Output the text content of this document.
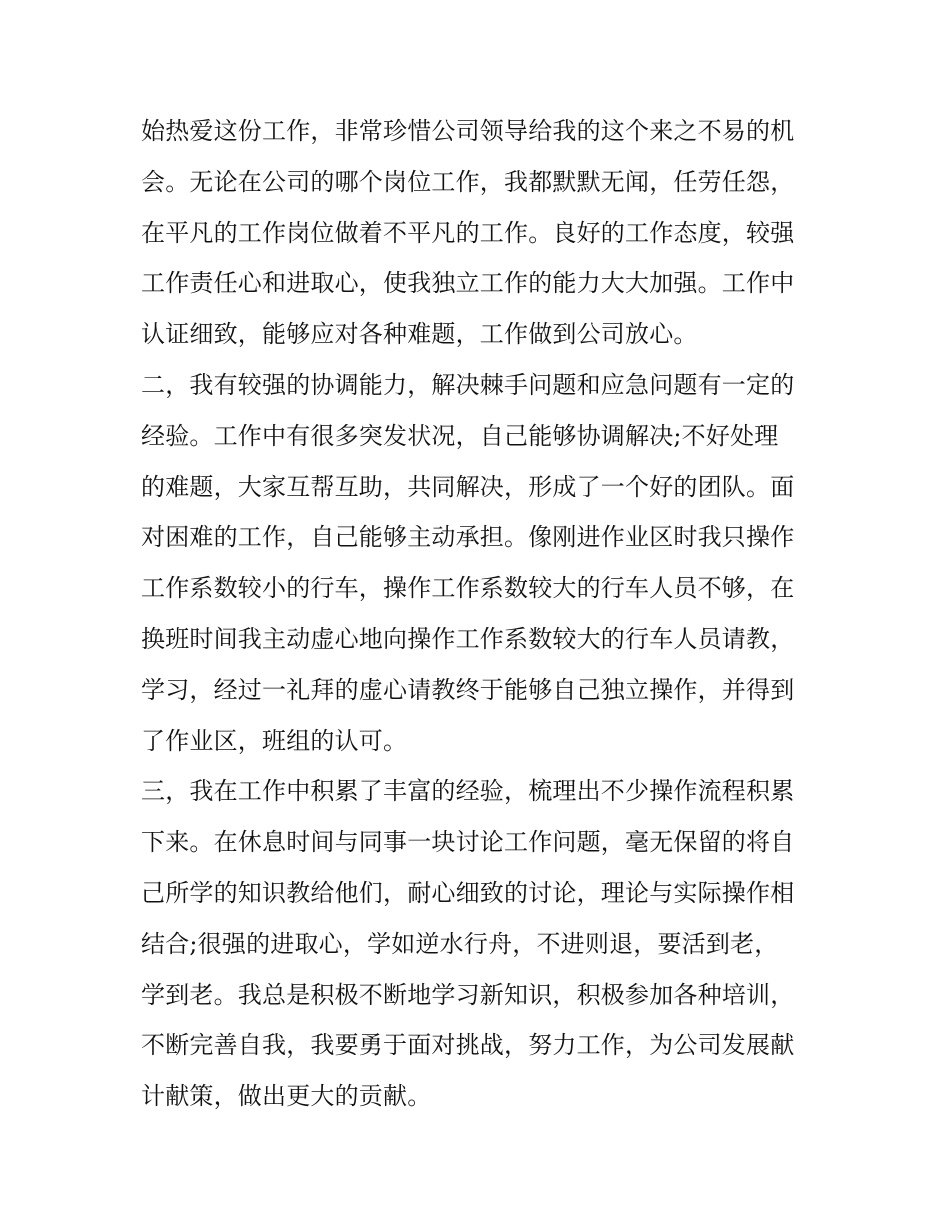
始热爱这份工作，非常珍惜公司领导给我的这个来之不易的机
会。无论在公司的哪个岗位工作，我都默默无闻，任劳任怨，
在平凡的工作岗位做着不平凡的工作。良好的工作态度，较强
工作责任心和进取心，使我独立工作的能力大大加强。工作中
认证细致，能够应对各种难题，工作做到公司放心。
二，我有较强的协调能力，解决棘手问题和应急问题有一定的
经验。工作中有很多突发状况，自己能够协调解决;不好处理
的难题，大家互帮互助，共同解决，形成了一个好的团队。面
对困难的工作，自己能够主动承担。像刚进作业区时我只操作
工作系数较小的行车，操作工作系数较大的行车人员不够，在
换班时间我主动虚心地向操作工作系数较大的行车人员请教，
学习，经过一礼拜的虚心请教终于能够自己独立操作，并得到
了作业区，班组的认可。
三，我在工作中积累了丰富的经验，梳理出不少操作流程积累
下来。在休息时间与同事一块讨论工作问题，毫无保留的将自
己所学的知识教给他们，耐心细致的讨论，理论与实际操作相
结合;很强的进取心，学如逆水行舟，不进则退，要活到老，
学到老。我总是积极不断地学习新知识，积极参加各种培训，
不断完善自我，我要勇于面对挑战，努力工作，为公司发展献
计献策，做出更大的贡献。
